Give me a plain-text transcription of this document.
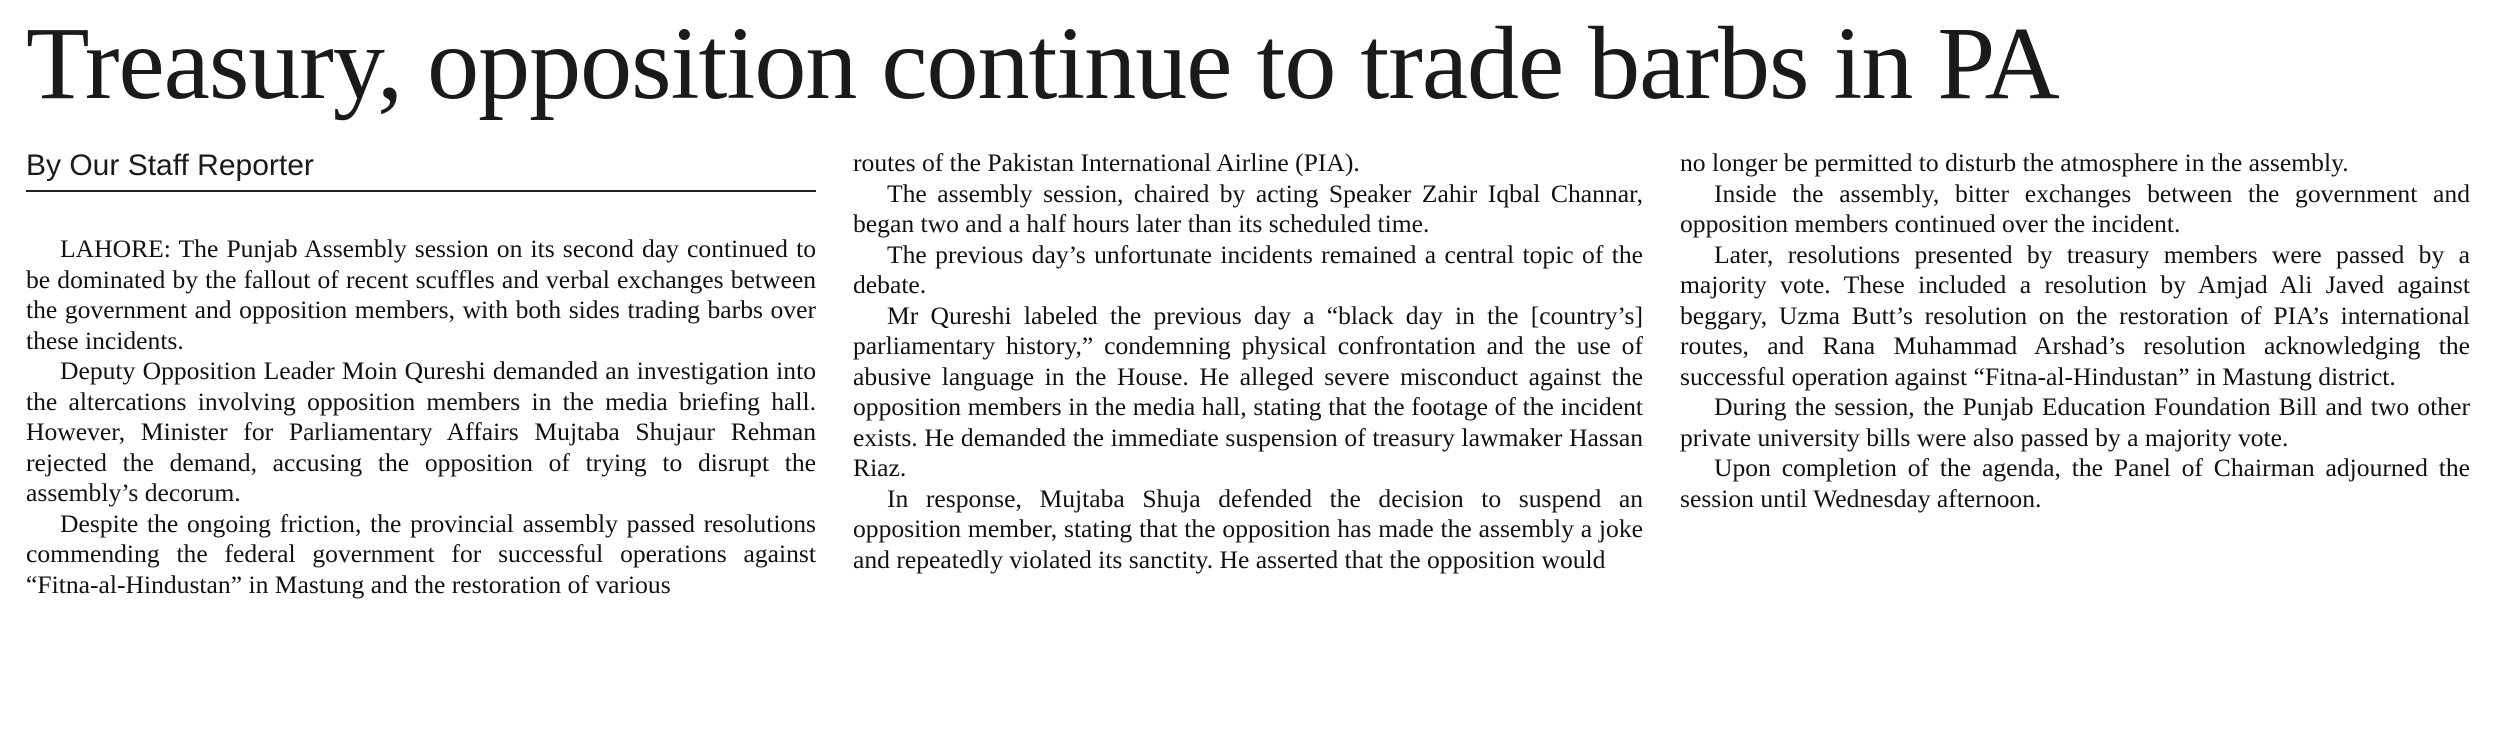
Treasury, opposition continue to trade barbs in PA
By Our Staff Reporter

LAHORE: The Punjab Assembly session on its second day continued to be dominated by the fallout of recent scuffles and verbal exchanges between the government and opposition members, with both sides trading barbs over these incidents.

Deputy Opposition Leader Moin Qureshi demanded an investigation into the altercations involving opposition members in the media briefing hall. However, Minister for Parliamentary Affairs Mujtaba Shujaur Rehman rejected the demand, accusing the opposition of trying to disrupt the assembly’s decorum.

Despite the ongoing friction, the provincial assembly passed resolutions commending the federal government for successful operations against “Fitna-al-Hindustan” in Mastung and the restoration of various

routes of the Pakistan International Airline (PIA).

The assembly session, chaired by acting Speaker Zahir Iqbal Channar, began two and a half hours later than its scheduled time.

The previous day’s unfortunate incidents remained a central topic of the debate.

Mr Qureshi labeled the previous day a “black day in the [country’s] parliamentary history,” condemning physical confrontation and the use of abusive language in the House. He alleged severe misconduct against the opposition members in the media hall, stating that the footage of the incident exists. He demanded the immediate suspension of treasury lawmaker Hassan Riaz.

In response, Mujtaba Shuja defended the decision to suspend an opposition member, stating that the opposition has made the assembly a joke and repeatedly violated its sanctity. He asserted that the opposition would

no longer be permitted to disturb the atmosphere in the assembly.

Inside the assembly, bitter exchanges between the government and opposition members continued over the incident.

Later, resolutions presented by treasury members were passed by a majority vote. These included a resolution by Amjad Ali Javed against beggary, Uzma Butt’s resolution on the restoration of PIA’s international routes, and Rana Muhammad Arshad’s resolution acknowledging the successful operation against “Fitna-al-Hindustan” in Mastung district.

During the session, the Punjab Education Foundation Bill and two other private university bills were also passed by a majority vote.

Upon completion of the agenda, the Panel of Chairman adjourned the session until Wednesday afternoon.
